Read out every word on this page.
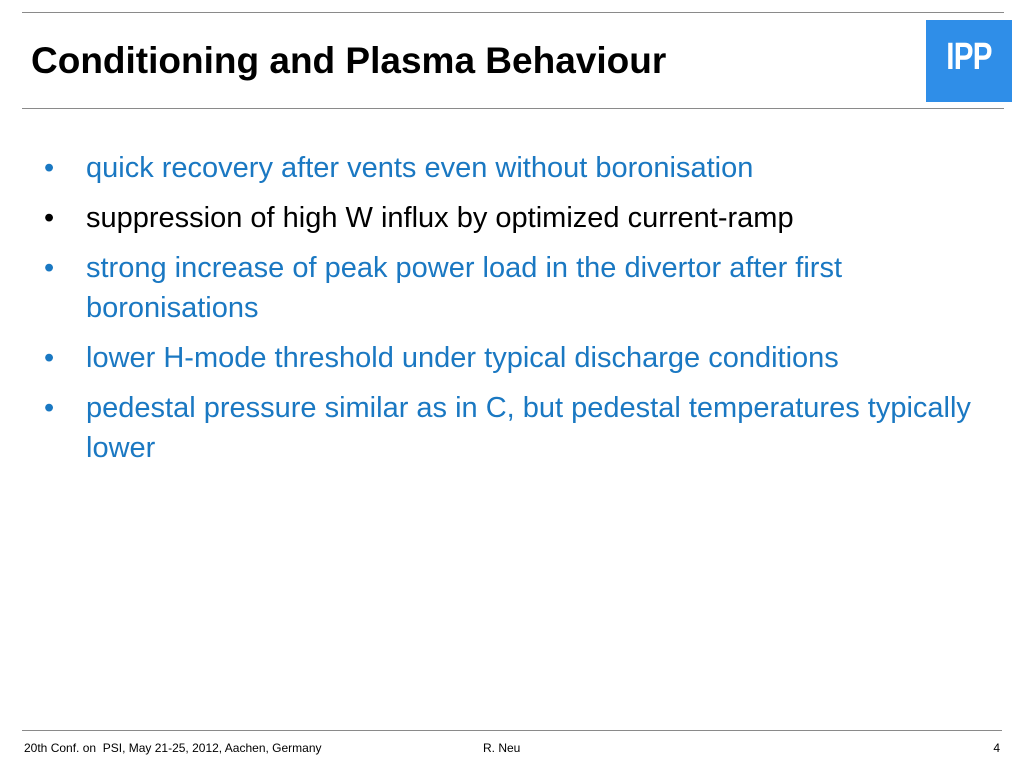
Conditioning and Plasma Behaviour	IPP
•	quick recovery after vents even without boronisation
•	suppression of high W influx by optimized current-ramp
•	strong increase of peak power load in the divertor after first boronisations
•	lower H-mode threshold under typical discharge conditions
•	pedestal pressure similar as in C, but pedestal temperatures typically lower
20th Conf. on  PSI, May 21-25, 2012, Aachen, Germany	R. Neu	4
